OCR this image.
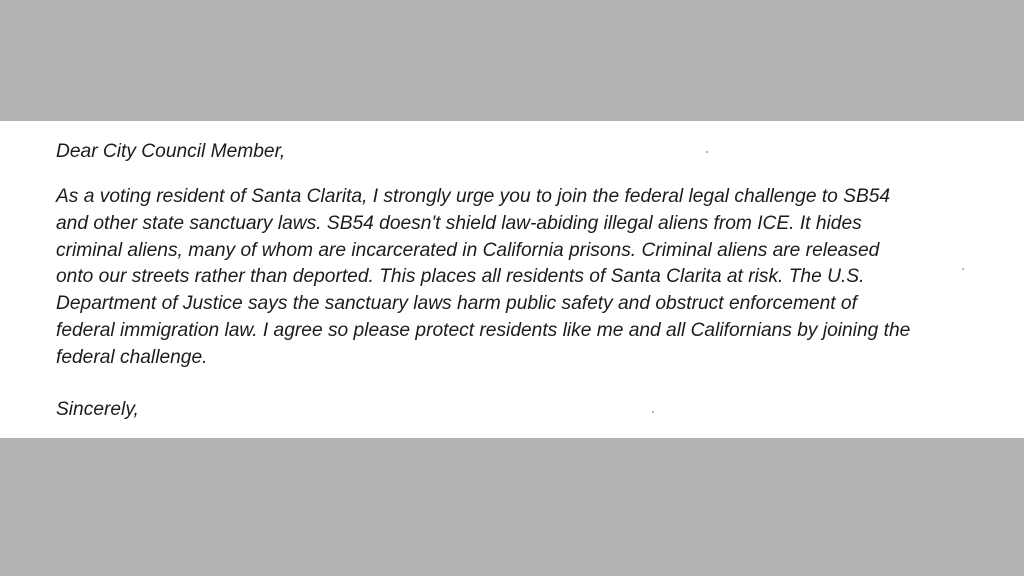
Dear City Council Member,

As a voting resident of Santa Clarita, I strongly urge you to join the federal legal challenge to SB54
and other state sanctuary laws. SB54 doesn't shield law-abiding illegal aliens from ICE. It hides
criminal aliens, many of whom are incarcerated in California prisons. Criminal aliens are released
onto our streets rather than deported. This places all residents of Santa Clarita at risk. The U.S.
Department of Justice says the sanctuary laws harm public safety and obstruct enforcement of
federal immigration law. I agree so please protect residents like me and all Californians by joining the
federal challenge.

Sincerely,
